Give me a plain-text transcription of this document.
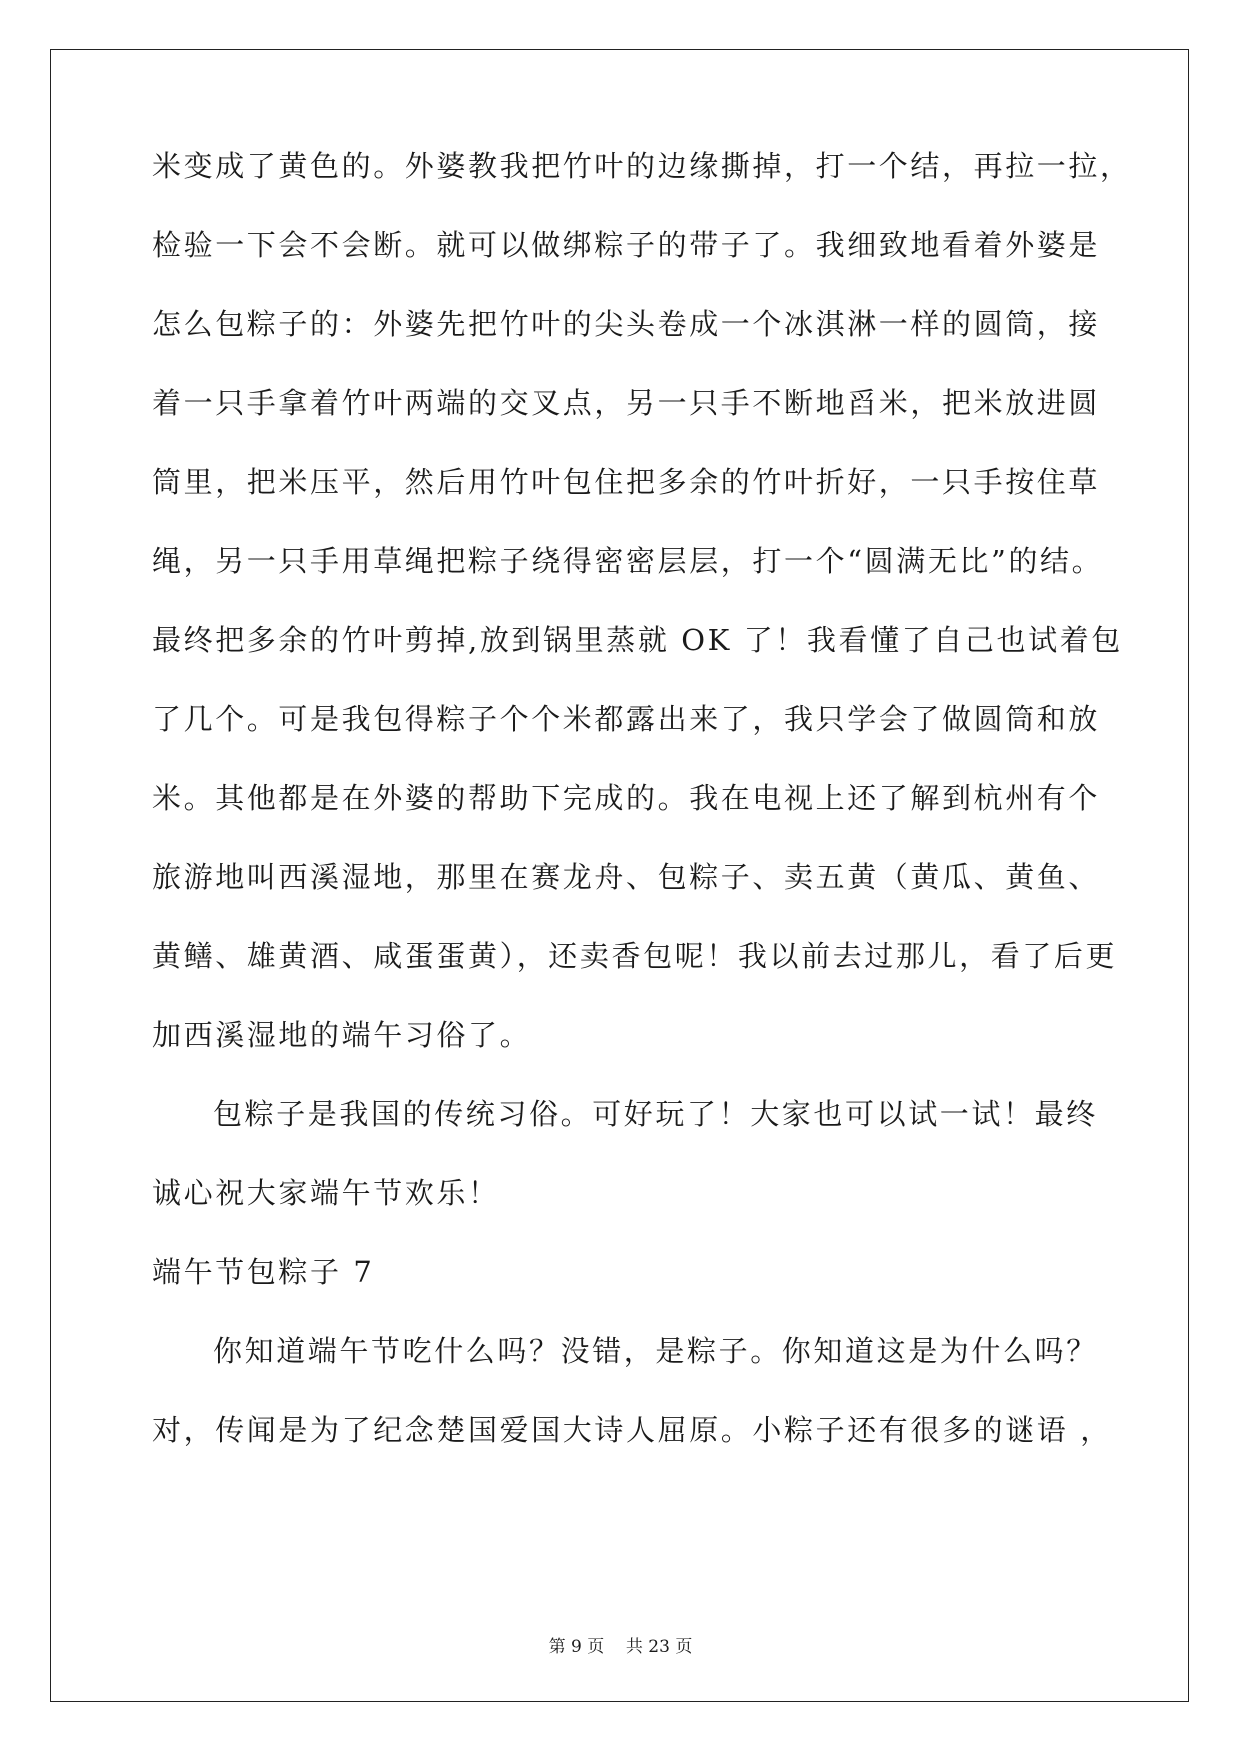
米变成了黄色的。外婆教我把竹叶的边缘撕掉，打一个结，再拉一拉，
检验一下会不会断。就可以做绑粽子的带子了。我细致地看着外婆是
怎么包粽子的：外婆先把竹叶的尖头卷成一个冰淇淋一样的圆筒，接
着一只手拿着竹叶两端的交叉点，另一只手不断地舀米，把米放进圆
筒里，把米压平，然后用竹叶包住把多余的竹叶折好，一只手按住草
绳，另一只手用草绳把粽子绕得密密层层，打一个“圆满无比”的结。
最终把多余的竹叶剪掉,放到锅里蒸就 OK 了！我看懂了自己也试着包
了几个。可是我包得粽子个个米都露出来了，我只学会了做圆筒和放
米。其他都是在外婆的帮助下完成的。我在电视上还了解到杭州有个
旅游地叫西溪湿地，那里在赛龙舟、包粽子、卖五黄（黄瓜、黄鱼、
黄鳝、雄黄酒、咸蛋蛋黄），还卖香包呢！我以前去过那儿，看了后更
加西溪湿地的端午习俗了。
包粽子是我国的传统习俗。可好玩了！大家也可以试一试！最终
诚心祝大家端午节欢乐！
端午节包粽子 7
你知道端午节吃什么吗？没错，是粽子。你知道这是为什么吗？
对，传闻是为了纪念楚国爱国大诗人屈原。小粽子还有很多的谜语 ，
第 9 页    共 23 页
